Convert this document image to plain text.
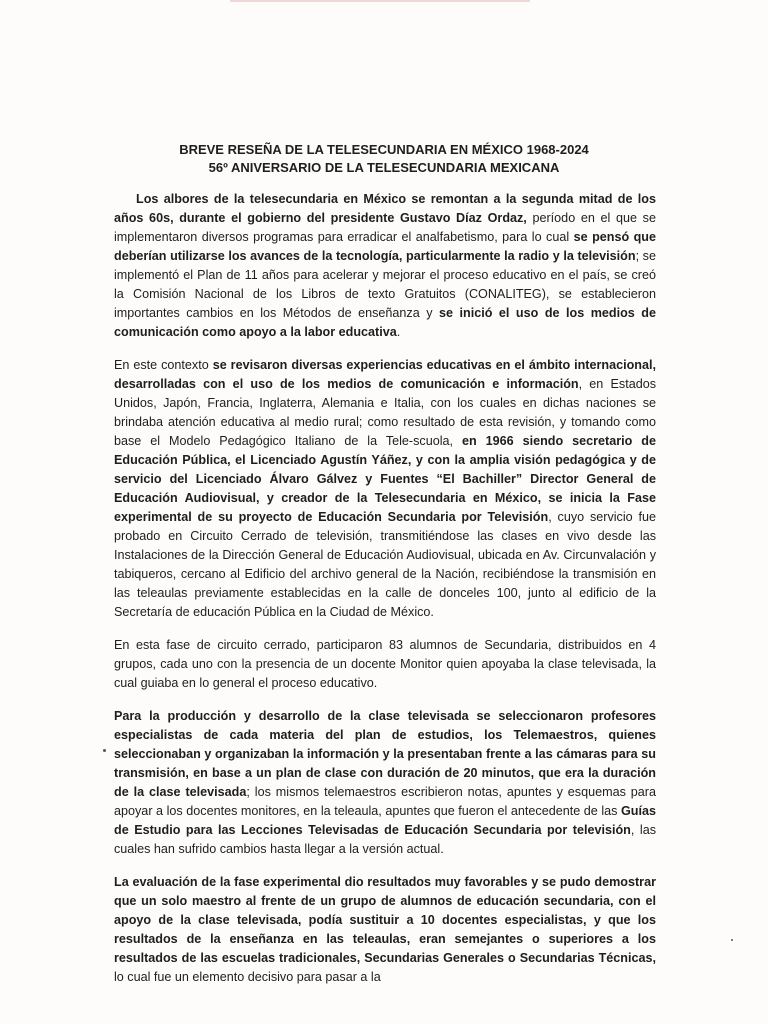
BREVE RESEÑA DE LA TELESECUNDARIA EN MÉXICO 1968-2024
56º ANIVERSARIO DE LA TELESECUNDARIA MEXICANA

Los albores de la telesecundaria en México se remontan a la segunda mitad de los años 60s, durante el gobierno del presidente Gustavo Díaz Ordaz, período en el que se implementaron diversos programas para erradicar el analfabetismo, para lo cual se pensó que deberían utilizarse los avances de la tecnología, particularmente la radio y la televisión; se implementó el Plan de 11 años para acelerar y mejorar el proceso educativo en el país, se creó la Comisión Nacional de los Libros de texto Gratuitos (CONALITEG), se establecieron importantes cambios en los Métodos de enseñanza y se inició el uso de los medios de comunicación como apoyo a la labor educativa.

En este contexto se revisaron diversas experiencias educativas en el ámbito internacional, desarrolladas con el uso de los medios de comunicación e información, en Estados Unidos, Japón, Francia, Inglaterra, Alemania e Italia, con los cuales en dichas naciones se brindaba atención educativa al medio rural; como resultado de esta revisión, y tomando como base el Modelo Pedagógico Italiano de la Tele-scuola, en 1966 siendo secretario de Educación Pública, el Licenciado Agustín Yáñez, y con la amplia visión pedagógica y de servicio del Licenciado Álvaro Gálvez y Fuentes “El Bachiller” Director General de Educación Audiovisual, y creador de la Telesecundaria en México, se inicia la Fase experimental de su proyecto de Educación Secundaria por Televisión, cuyo servicio fue probado en Circuito Cerrado de televisión, transmitiéndose las clases en vivo desde las Instalaciones de la Dirección General de Educación Audiovisual, ubicada en Av. Circunvalación y tabiqueros, cercano al Edificio del archivo general de la Nación, recibiéndose la transmisión en las teleaulas previamente establecidas en la calle de donceles 100, junto al edificio de la Secretaría de educación Pública en la Ciudad de México.

En esta fase de circuito cerrado, participaron 83 alumnos de Secundaria, distribuidos en 4 grupos, cada uno con la presencia de un docente Monitor quien apoyaba la clase televisada, la cual guiaba en lo general el proceso educativo.

Para la producción y desarrollo de la clase televisada se seleccionaron profesores especialistas de cada materia del plan de estudios, los Telemaestros, quienes seleccionaban y organizaban la información y la presentaban frente a las cámaras para su transmisión, en base a un plan de clase con duración de 20 minutos, que era la duración de la clase televisada; los mismos telemaestros escribieron notas, apuntes y esquemas para apoyar a los docentes monitores, en la teleaula, apuntes que fueron el antecedente de las Guías de Estudio para las Lecciones Televisadas de Educación Secundaria por televisión, las cuales han sufrido cambios hasta llegar a la versión actual.

La evaluación de la fase experimental dio resultados muy favorables y se pudo demostrar que un solo maestro al frente de un grupo de alumnos de educación secundaria, con el apoyo de la clase televisada, podía sustituir a 10 docentes especialistas, y que los resultados de la enseñanza en las teleaulas, eran semejantes o superiores a los resultados de las escuelas tradicionales, Secundarias Generales o Secundarias Técnicas, lo cual fue un elemento decisivo para pasar a la
